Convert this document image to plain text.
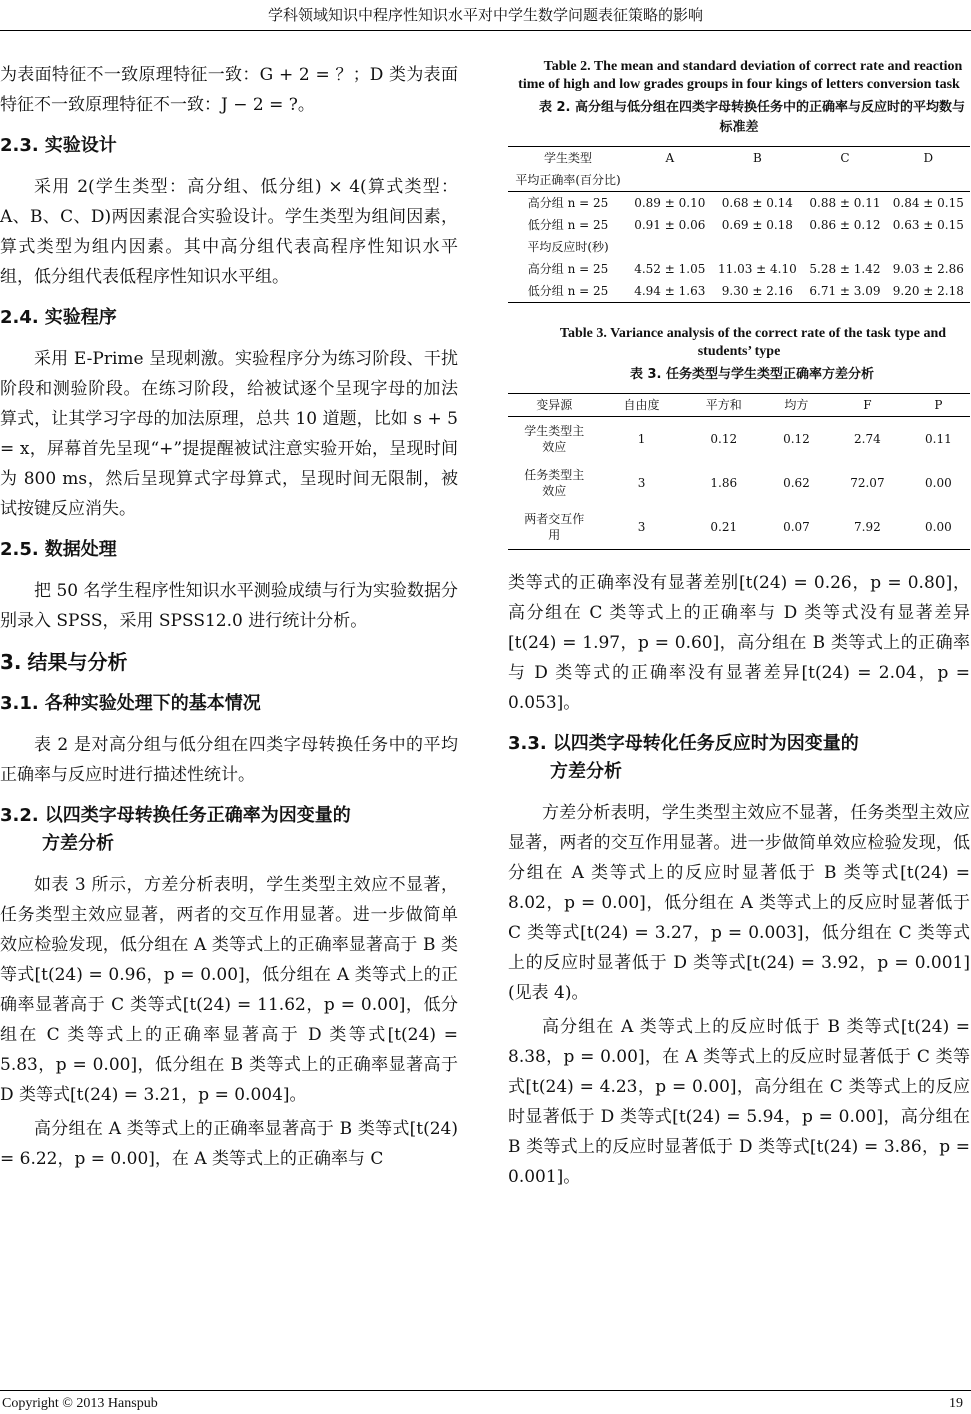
学科领域知识中程序性知识水平对中学生数学问题表征策略的影响

为表面特征不一致原理特征一致：G + 2 = ？；D 类为表面特征不一致原理特征不一致：J − 2 = ?。

2.3. 实验设计

采用 2(学生类型：高分组、低分组) × 4(算式类型：A、B、C、D)两因素混合实验设计。学生类型为组间因素，算式类型为组内因素。其中高分组代表高程序性知识水平组，低分组代表低程序性知识水平组。

2.4. 实验程序

采用 E-Prime 呈现刺激。实验程序分为练习阶段、干扰阶段和测验阶段。在练习阶段，给被试逐个呈现字母的加法算式，让其学习字母的加法原理，总共 10 道题，比如 s + 5 = x，屏幕首先呈现“+”提提醒被试注意实验开始，呈现时间为 800 ms，然后呈现算式字母算式，呈现时间无限制，被试按键反应消失。

2.5. 数据处理

把 50 名学生程序性知识水平测验成绩与行为实验数据分别录入 SPSS，采用 SPSS12.0 进行统计分析。

3. 结果与分析
3.1. 各种实验处理下的基本情况

表 2 是对高分组与低分组在四类字母转换任务中的平均正确率与反应时进行描述性统计。

3.2. 以四类字母转换任务正确率为因变量的
方差分析

如表 3 所示，方差分析表明，学生类型主效应不显著，任务类型主效应显著，两者的交互作用显著。进一步做简单效应检验发现，低分组在 A 类等式上的正确率显著高于 B 类等式[t(24) = 0.96，p = 0.00]，低分组在 A 类等式上的正确率显著高于 C 类等式[t(24) = 11.62，p = 0.00]，低分组在 C 类等式上的正确率显著高于 D 类等式[t(24) = 5.83，p = 0.00]，低分组在 B 类等式上的正确率显著高于 D 类等式[t(24) = 3.21，p = 0.004]。

高分组在 A 类等式上的正确率显著高于 B 类等式[t(24) = 6.22，p = 0.00]，在 A 类等式上的正确率与 C

Table 2. The mean and standard deviation of correct rate and reaction time of high and low grades groups in four kings of letters conversion task

表 2. 高分组与低分组在四类字母转换任务中的正确率与反应时的平均数与标准差

学生类型	A	B	C	D
平均正确率(百分比)				
高分组 n = 25	0.89 ± 0.10	0.68 ± 0.14	0.88 ± 0.11	0.84 ± 0.15
低分组 n = 25	0.91 ± 0.06	0.69 ± 0.18	0.86 ± 0.12	0.63 ± 0.15
平均反应时(秒)				
高分组 n = 25	4.52 ± 1.05	11.03 ± 4.10	5.28 ± 1.42	9.03 ± 2.86
低分组 n = 25	4.94 ± 1.63	9.30 ± 2.16	6.71 ± 3.09	9.20 ± 2.18

Table 3. Variance analysis of the correct rate of the task type and students’ type

表 3. 任务类型与学生类型正确率方差分析

变异源	自由度	平方和	均方	F	P
学生类型主效应	1	0.12	0.12	2.74	0.11
任务类型主效应	3	1.86	0.62	72.07	0.00
两者交互作用	3	0.21	0.07	7.92	0.00

类等式的正确率没有显著差别[t(24) = 0.26，p = 0.80]，高分组在 C 类等式上的正确率与 D 类等式没有显著差异[t(24) = 1.97，p = 0.60]，高分组在 B 类等式上的正确率与 D 类等式的正确率没有显著差异[t(24) = 2.04，p = 0.053]。

3.3. 以四类字母转化任务反应时为因变量的
方差分析

方差分析表明，学生类型主效应不显著，任务类型主效应显著，两者的交互作用显著。进一步做简单效应检验发现，低分组在 A 类等式上的反应时显著低于 B 类等式[t(24) = 8.02，p = 0.00]，低分组在 A 类等式上的反应时显著低于 C 类等式[t(24) = 3.27，p = 0.003]，低分组在 C 类等式上的反应时显著低于 D 类等式[t(24) = 3.92，p = 0.001](见表 4)。

高分组在 A 类等式上的反应时低于 B 类等式[t(24) = 8.38，p = 0.00]，在 A 类等式上的反应时显著低于 C 类等式[t(24) = 4.23，p = 0.00]，高分组在 C 类等式上的反应时显著低于 D 类等式[t(24) = 5.94，p = 0.00]，高分组在 B 类等式上的反应时显著低于 D 类等式[t(24) = 3.86，p = 0.001]。

Copyright © 2013 Hanspub	19
